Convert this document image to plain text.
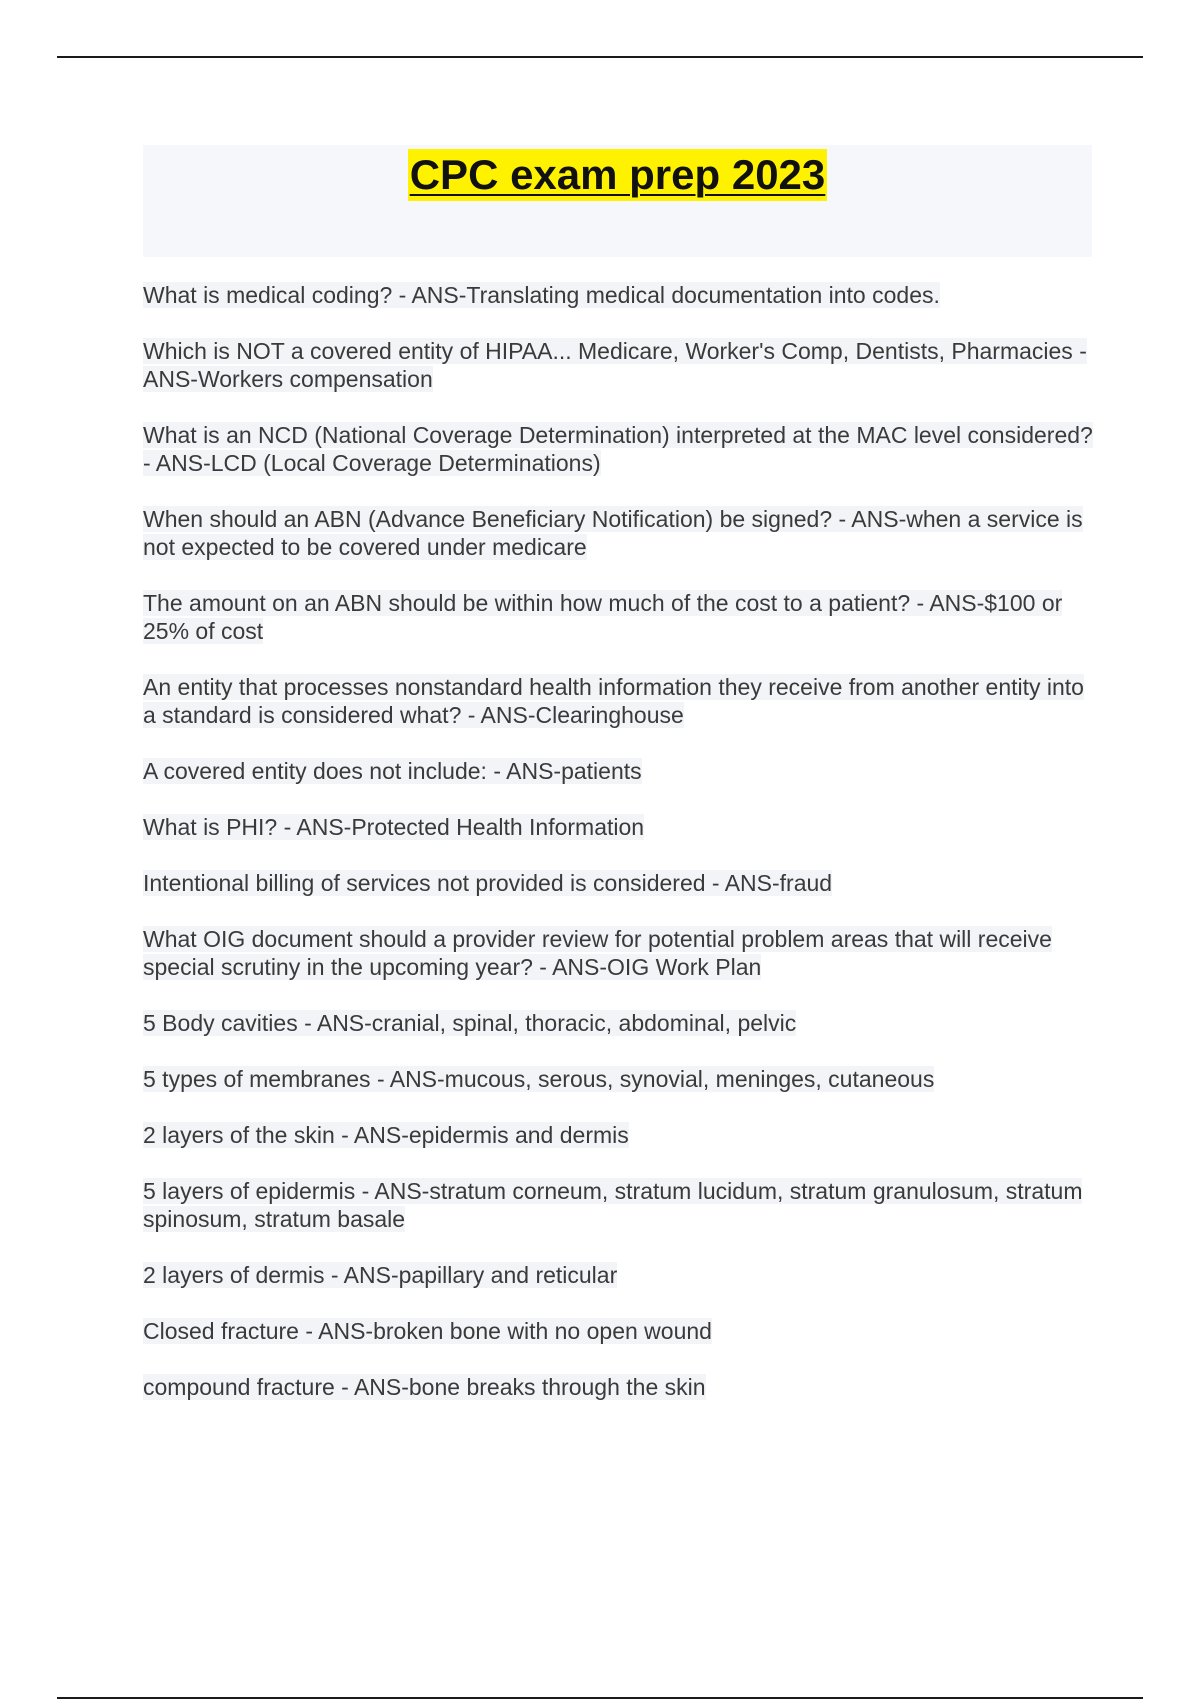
CPC exam prep 2023

What is medical coding? - ANS-Translating medical documentation into codes.

Which is NOT a covered entity of HIPAA... Medicare, Worker's Comp, Dentists, Pharmacies - ANS-Workers compensation

What is an NCD (National Coverage Determination) interpreted at the MAC level considered? - ANS-LCD (Local Coverage Determinations)

When should an ABN (Advance Beneficiary Notification) be signed? - ANS-when a service is not expected to be covered under medicare

The amount on an ABN should be within how much of the cost to a patient? - ANS-$100 or 25% of cost

An entity that processes nonstandard health information they receive from another entity into a standard is considered what? - ANS-Clearinghouse

A covered entity does not include: - ANS-patients

What is PHI? - ANS-Protected Health Information

Intentional billing of services not provided is considered - ANS-fraud

What OIG document should a provider review for potential problem areas that will receive special scrutiny in the upcoming year? - ANS-OIG Work Plan

5 Body cavities - ANS-cranial, spinal, thoracic, abdominal, pelvic

5 types of membranes - ANS-mucous, serous, synovial, meninges, cutaneous

2 layers of the skin - ANS-epidermis and dermis

5 layers of epidermis - ANS-stratum corneum, stratum lucidum, stratum granulosum, stratum spinosum, stratum basale

2 layers of dermis - ANS-papillary and reticular

Closed fracture - ANS-broken bone with no open wound

compound fracture - ANS-bone breaks through the skin
